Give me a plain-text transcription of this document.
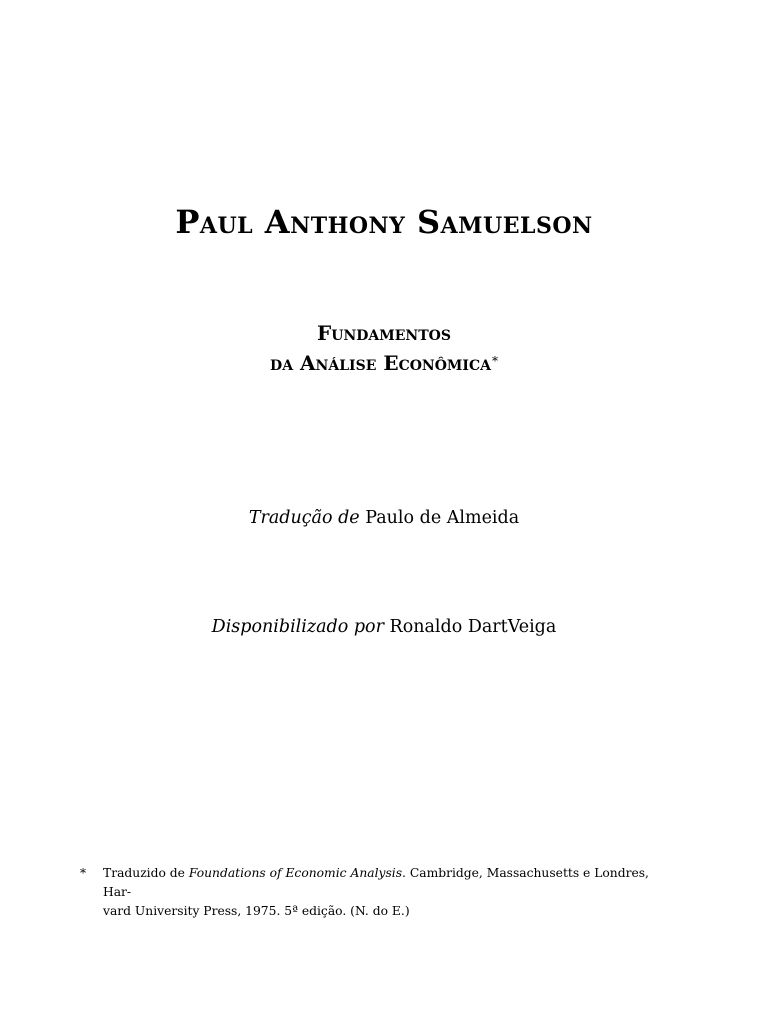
Paul Anthony Samuelson
Fundamentos
da Análise Econômica*
Tradução de Paulo de Almeida
Disponibilizado por Ronaldo DartVeiga
* Traduzido de Foundations of Economic Analysis. Cambridge, Massachusetts e Londres, Har-
vard University Press, 1975. 5ª edição. (N. do E.)
